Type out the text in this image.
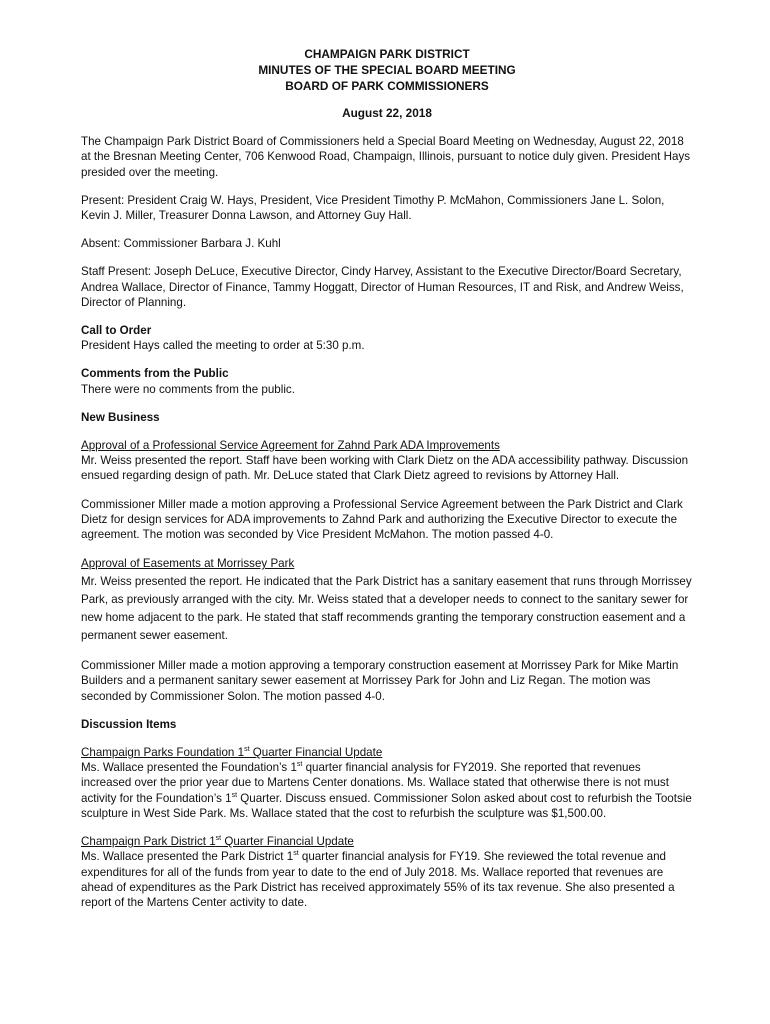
CHAMPAIGN PARK DISTRICT
MINUTES OF THE SPECIAL BOARD MEETING
BOARD OF PARK COMMISSIONERS
August 22, 2018

The Champaign Park District Board of Commissioners held a Special Board Meeting on Wednesday, August 22, 2018 at the Bresnan Meeting Center, 706 Kenwood Road, Champaign, Illinois, pursuant to notice duly given. President Hays presided over the meeting.

Present: President Craig W. Hays, President, Vice President Timothy P. McMahon, Commissioners Jane L. Solon, Kevin J. Miller, Treasurer Donna Lawson, and Attorney Guy Hall.

Absent: Commissioner Barbara J. Kuhl

Staff Present: Joseph DeLuce, Executive Director, Cindy Harvey, Assistant to the Executive Director/Board Secretary, Andrea Wallace, Director of Finance, Tammy Hoggatt, Director of Human Resources, IT and Risk, and Andrew Weiss, Director of Planning.

Call to Order
President Hays called the meeting to order at 5:30 p.m.

Comments from the Public
There were no comments from the public.

New Business

Approval of a Professional Service Agreement for Zahnd Park ADA Improvements
Mr. Weiss presented the report. Staff have been working with Clark Dietz on the ADA accessibility pathway. Discussion ensued regarding design of path. Mr. DeLuce stated that Clark Dietz agreed to revisions by Attorney Hall.

Commissioner Miller made a motion approving a Professional Service Agreement between the Park District and Clark Dietz for design services for ADA improvements to Zahnd Park and authorizing the Executive Director to execute the agreement. The motion was seconded by Vice President McMahon. The motion passed 4-0.

Approval of Easements at Morrissey Park
Mr. Weiss presented the report. He indicated that the Park District has a sanitary easement that runs through Morrissey Park, as previously arranged with the city. Mr. Weiss stated that a developer needs to connect to the sanitary sewer for new home adjacent to the park. He stated that staff recommends granting the temporary construction easement and a permanent sewer easement.

Commissioner Miller made a motion approving a temporary construction easement at Morrissey Park for Mike Martin Builders and a permanent sanitary sewer easement at Morrissey Park for John and Liz Regan. The motion was seconded by Commissioner Solon. The motion passed 4-0.

Discussion Items

Champaign Parks Foundation 1st Quarter Financial Update
Ms. Wallace presented the Foundation’s 1st quarter financial analysis for FY2019. She reported that revenues increased over the prior year due to Martens Center donations. Ms. Wallace stated that otherwise there is not must activity for the Foundation’s 1st Quarter. Discuss ensued. Commissioner Solon asked about cost to refurbish the Tootsie sculpture in West Side Park. Ms. Wallace stated that the cost to refurbish the sculpture was $1,500.00.

Champaign Park District 1st Quarter Financial Update
Ms. Wallace presented the Park District 1st quarter financial analysis for FY19. She reviewed the total revenue and expenditures for all of the funds from year to date to the end of July 2018. Ms. Wallace reported that revenues are ahead of expenditures as the Park District has received approximately 55% of its tax revenue. She also presented a report of the Martens Center activity to date.
